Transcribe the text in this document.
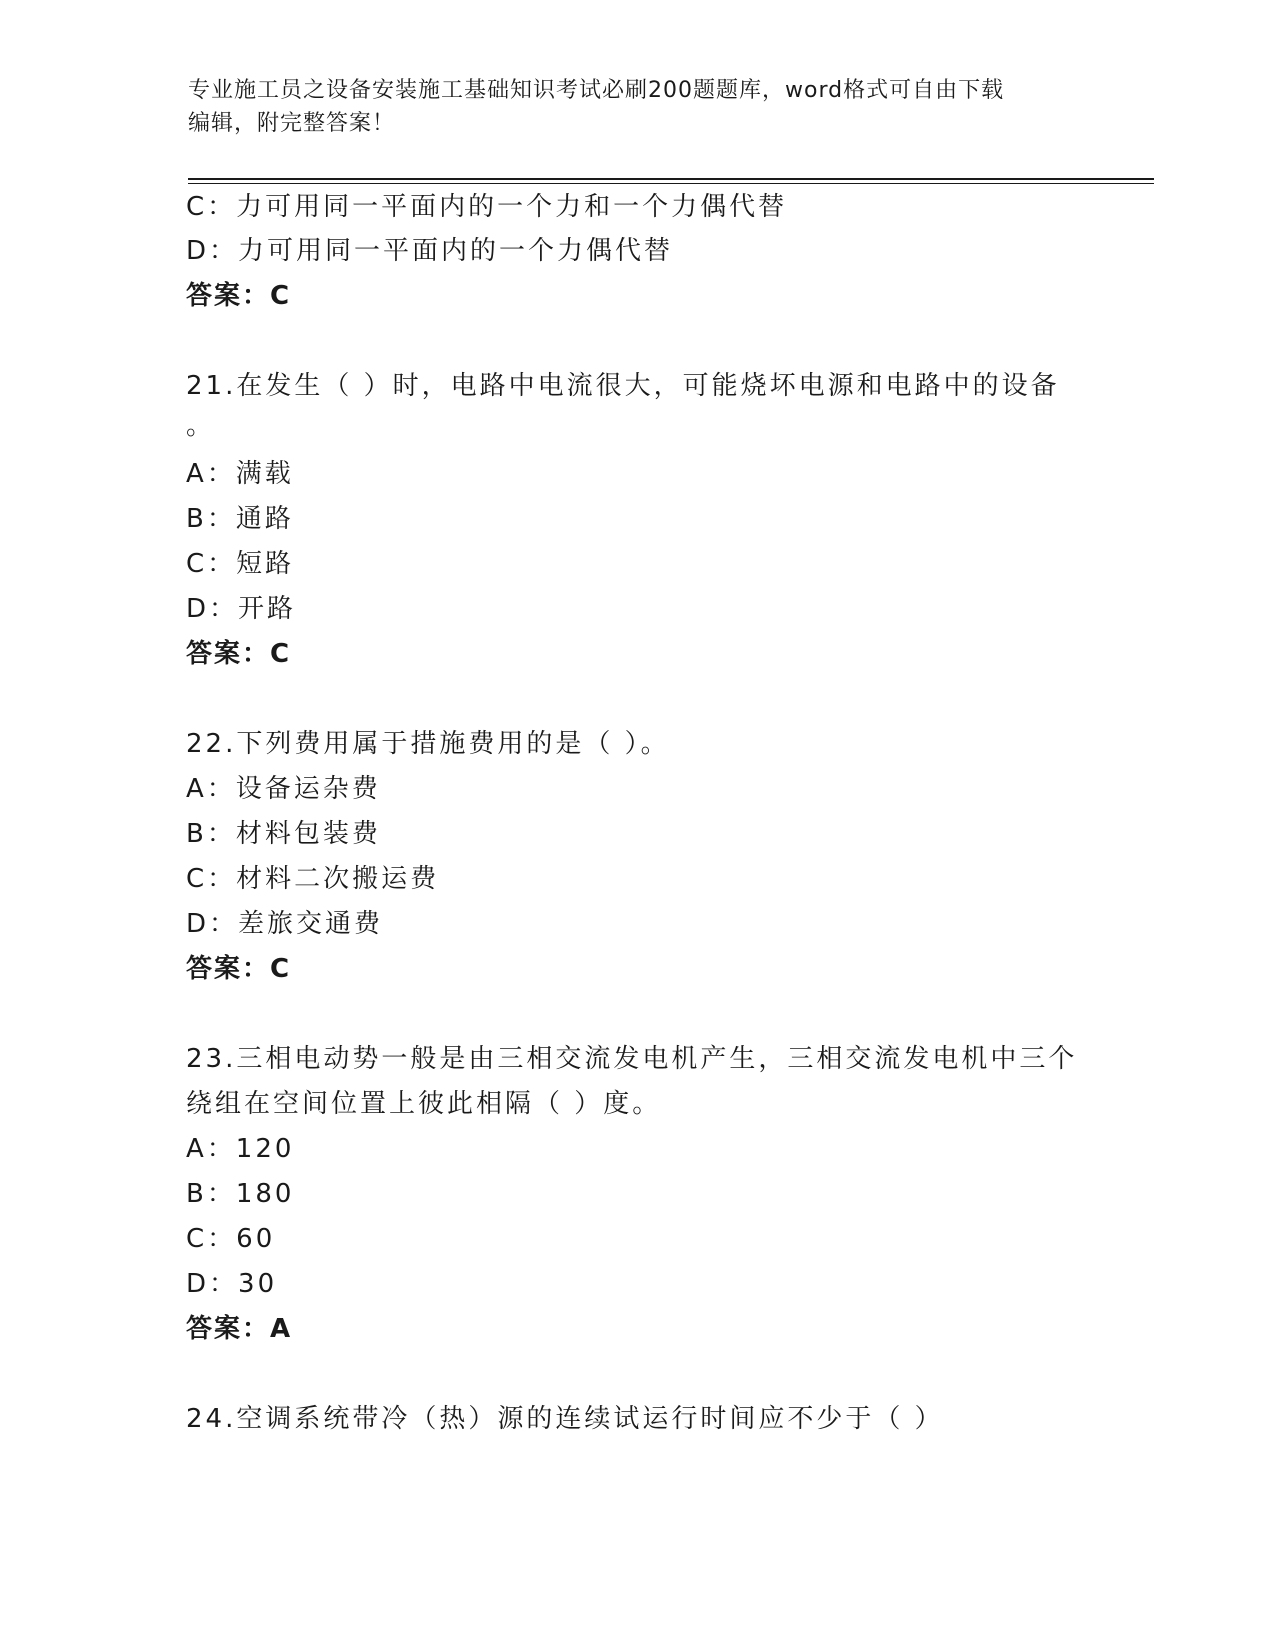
专业施工员之设备安装施工基础知识考试必刷200题题库，word格式可自由下载
编辑，附完整答案！
C：力可用同一平面内的一个力和一个力偶代替
D：力可用同一平面内的一个力偶代替
答案：C
21.在发生（ ）时，电路中电流很大，可能烧坏电源和电路中的设备
。
A：满载
B：通路
C：短路
D：开路
答案：C
22.下列费用属于措施费用的是（ ）。
A：设备运杂费
B：材料包装费
C：材料二次搬运费
D：差旅交通费
答案：C
23.三相电动势一般是由三相交流发电机产生，三相交流发电机中三个
绕组在空间位置上彼此相隔（ ）度。
A：120
B：180
C：60
D：30
答案：A
24.空调系统带冷（热）源的连续试运行时间应不少于（ ）
